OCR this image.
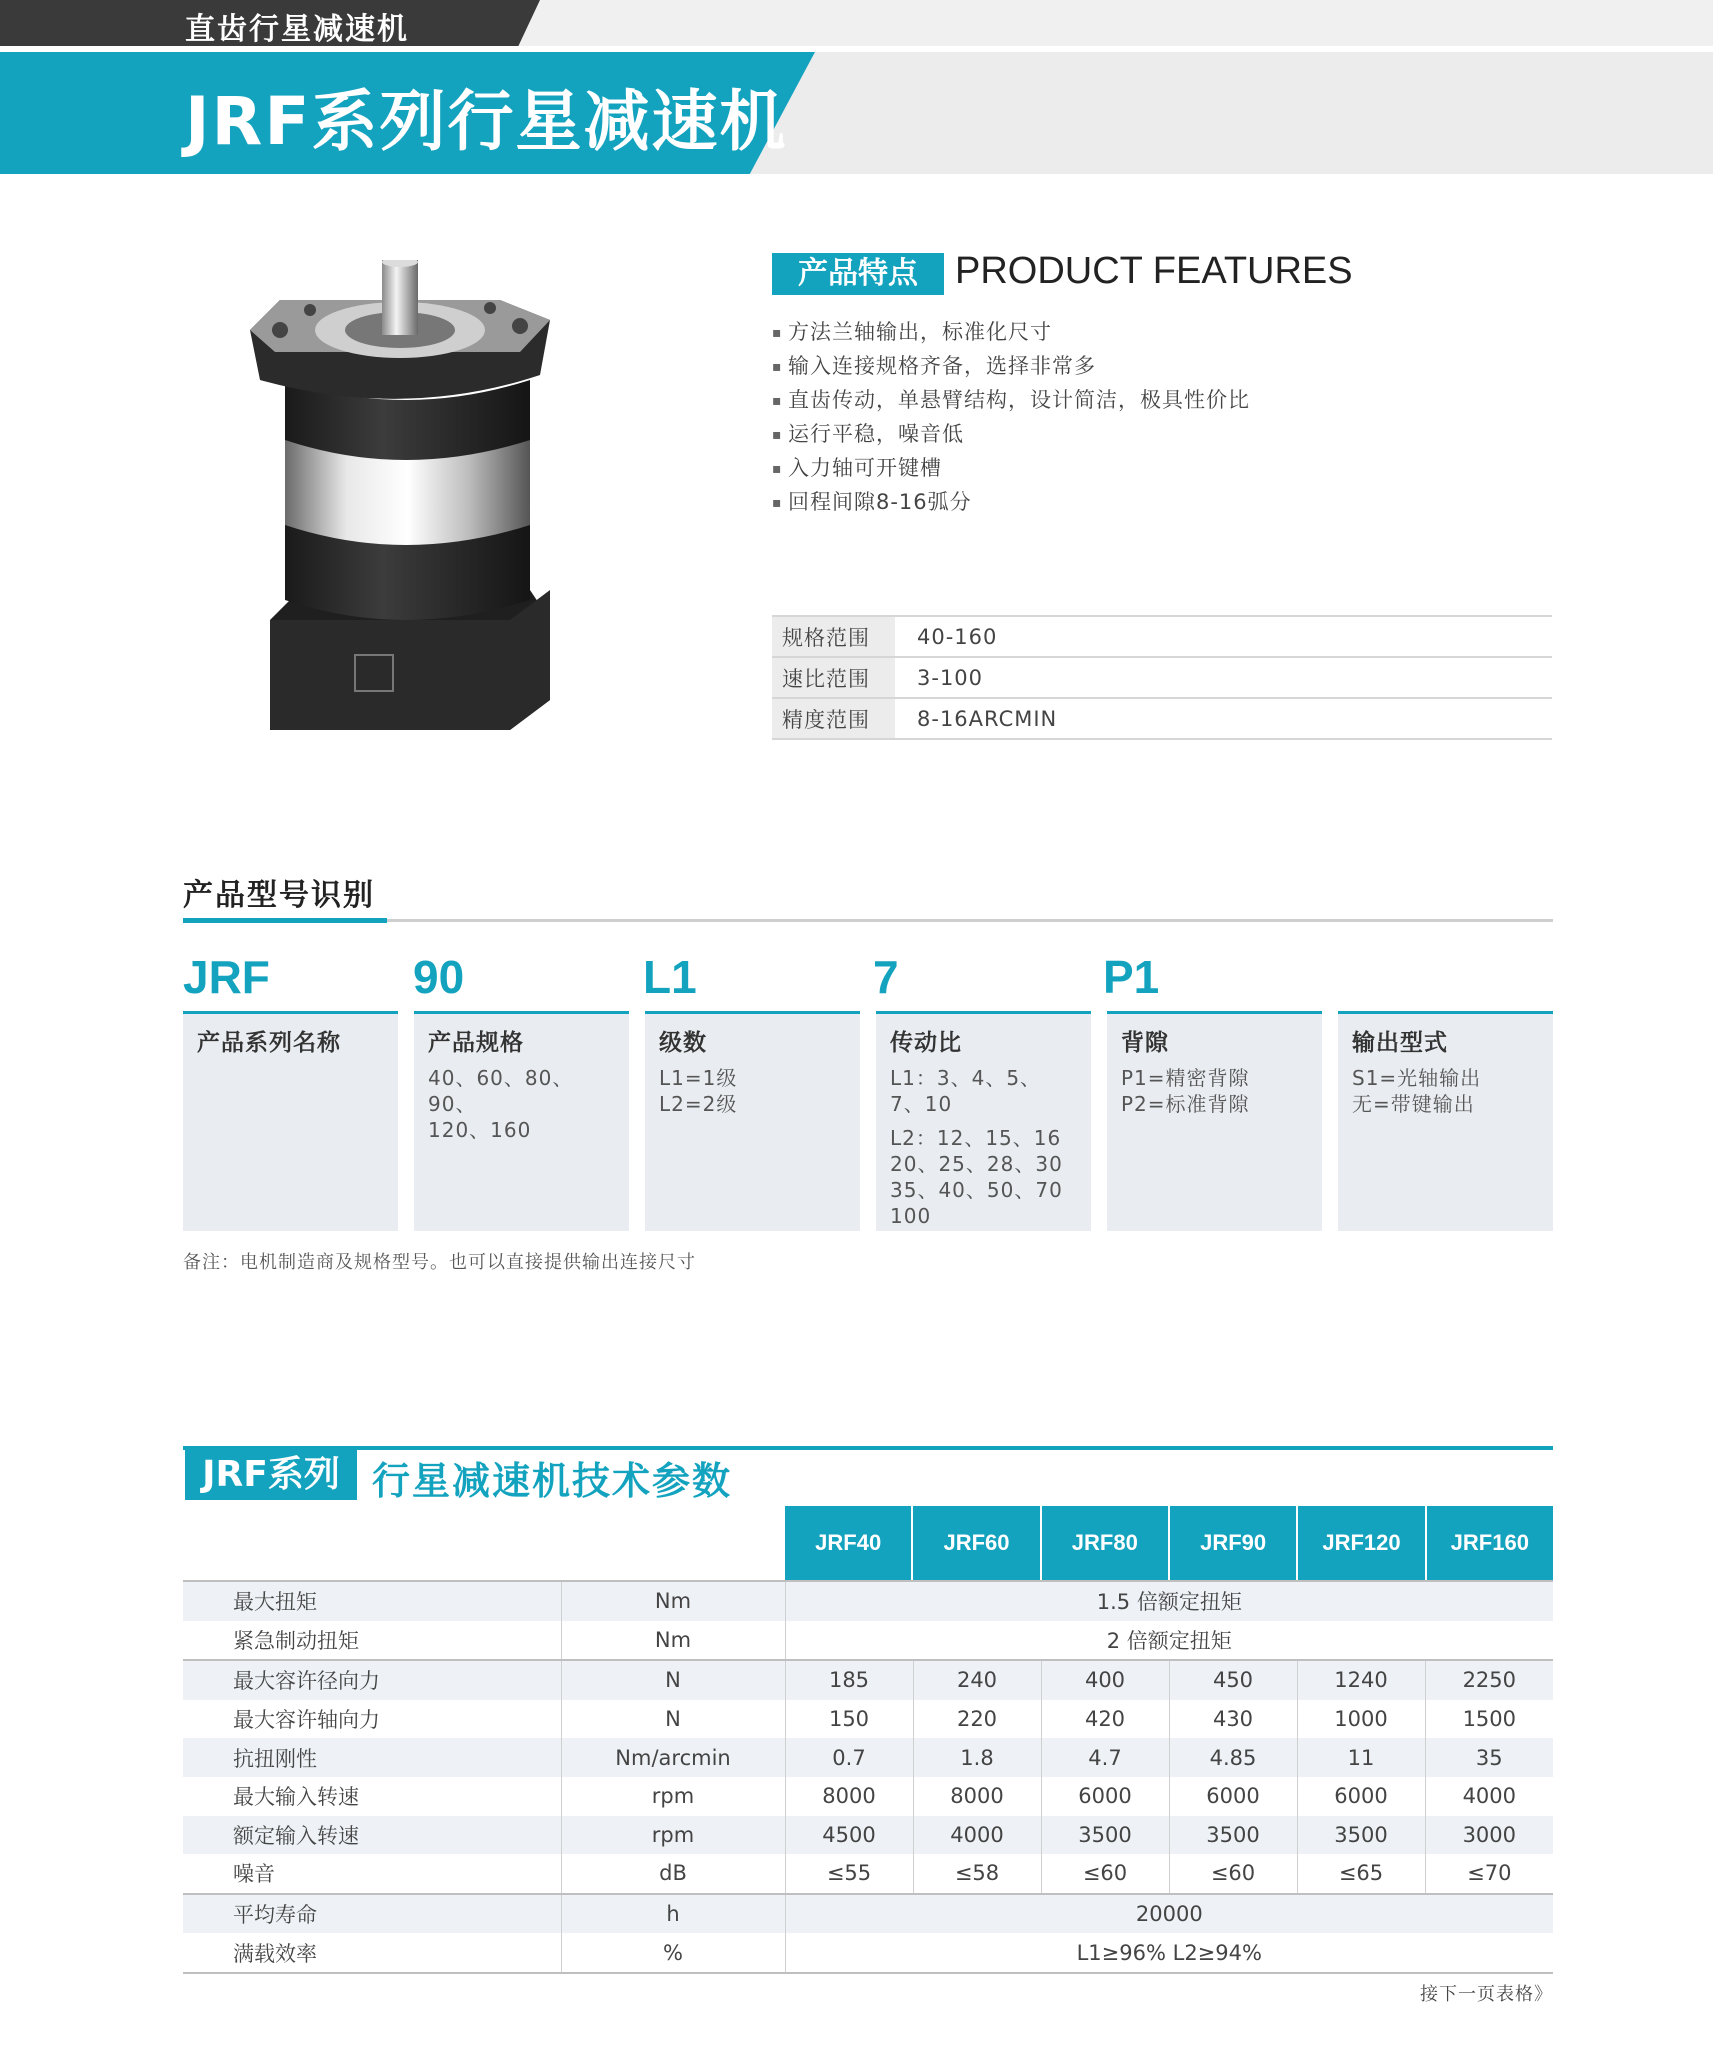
直齿行星减速机
JRF系列行星减速机
产品特点 PRODUCT FEATURES
▪ 方法兰轴输出，标准化尺寸
▪ 输入连接规格齐备，选择非常多
▪ 直齿传动，单悬臂结构，设计简洁，极具性价比
▪ 运行平稳，噪音低
▪ 入力轴可开键槽
▪ 回程间隙8-16弧分
规格范围	40-160
速比范围	3-100
精度范围	8-16ARCMIN
产品型号识别
JRF	90	L1	7	P1
产品系列名称	产品规格
40、60、80、90、
120、160
级数
L1=1级
L2=2级
传动比
L1：3、4、5、
7、10
L2：12、15、16
20、25、28、30
35、40、50、70
100
背隙
P1=精密背隙
P2=标准背隙
输出型式
S1=光轴输出
无=带键输出
备注：电机制造商及规格型号。也可以直接提供输出连接尺寸
JRF系列 行星减速机技术参数
JRF40	JRF60	JRF80	JRF90	JRF120	JRF160
最大扭矩	Nm	1.5 倍额定扭矩					
紧急制动扭矩	Nm	2 倍额定扭矩					
最大容许径向力	N	185	240	400	450	1240	2250
最大容许轴向力	N	150	220	420	430	1000	1500
抗扭刚性	Nm/arcmin	0.7	1.8	4.7	4.85	11	35
最大输入转速	rpm	8000	8000	6000	6000	6000	4000
额定输入转速	rpm	4500	4000	3500	3500	3500	3000
噪音	dB	≤55	≤58	≤60	≤60	≤65	≤70
平均寿命	h	20000					
满载效率	%	L1≥96% L2≥94%					
接下一页表格》
